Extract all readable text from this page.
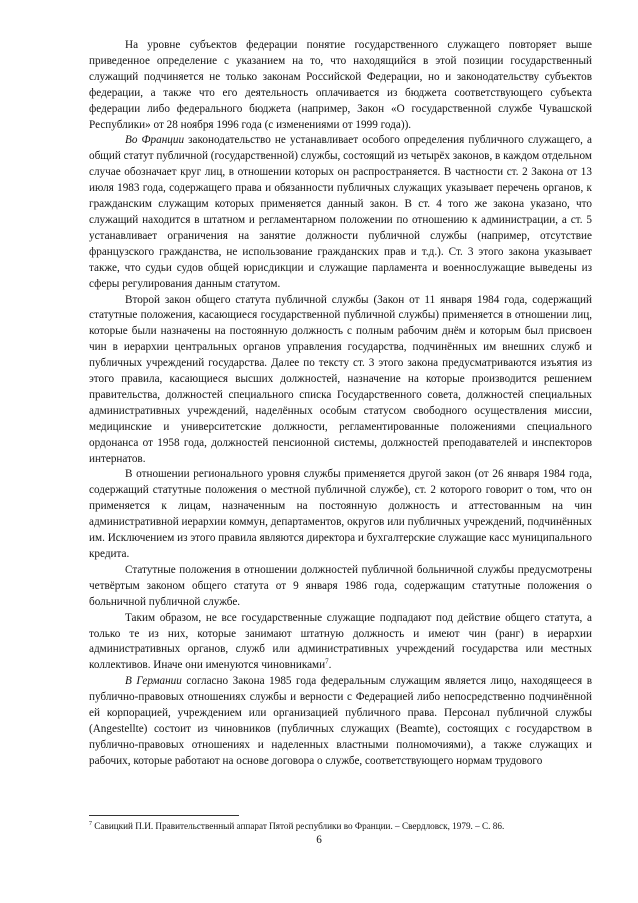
На уровне субъектов федерации понятие государственного служащего повторяет выше приведенное определение с указанием на то, что находящийся в этой позиции государственный служащий подчиняется не только законам Российской Федерации, но и законодательству субъектов федерации, а также что его деятельность оплачивается из бюджета соответствующего субъекта федерации либо федерального бюджета (например, Закон «О государственной службе Чувашской Республики» от 28 ноября 1996 года (с изменениями от 1999 года)).

Во Франции законодательство не устанавливает особого определения публичного служащего, а общий статут публичной (государственной) службы, состоящий из четырёх законов, в каждом отдельном случае обозначает круг лиц, в отношении которых он распространяется. В частности ст. 2 Закона от 13 июля 1983 года, содержащего права и обязанности публичных служащих указывает перечень органов, к гражданским служащим которых применяется данный закон. В ст. 4 того же закона указано, что служащий находится в штатном и регламентарном положении по отношению к администрации, а ст. 5 устанавливает ограничения на занятие должности публичной службы (например, отсутствие французского гражданства, не использование гражданских прав и т.д.). Ст. 3 этого закона указывает также, что судьи судов общей юрисдикции и служащие парламента и военнослужащие выведены из сферы регулирования данным статутом.

Второй закон общего статута публичной службы (Закон от 11 января 1984 года, содержащий статутные положения, касающиеся государственной публичной службы) применяется в отношении лиц, которые были назначены на постоянную должность с полным рабочим днём и которым был присвоен чин в иерархии центральных органов управления государства, подчинённых им внешних служб и публичных учреждений государства. Далее по тексту ст. 3 этого закона предусматриваются изъятия из этого правила, касающиеся высших должностей, назначение на которые производится решением правительства, должностей специального списка Государственного совета, должностей специальных административных учреждений, наделённых особым статусом свободного осуществления миссии, медицинские и университетские должности, регламентированные положениями специального ордонанса от 1958 года, должностей пенсионной системы, должностей преподавателей и инспекторов интернатов.

В отношении регионального уровня службы применяется другой закон (от 26 января 1984 года, содержащий статутные положения о местной публичной службе), ст. 2 которого говорит о том, что он применяется к лицам, назначенным на постоянную должность и аттестованным на чин административной иерархии коммун, департаментов, округов или публичных учреждений, подчинённых им. Исключением из этого правила являются директора и бухгалтерские служащие касс муниципального кредита.

Статутные положения в отношении должностей публичной больничной службы предусмотрены четвёртым законом общего статута от 9 января 1986 года, содержащим статутные положения о больничной публичной службе.

Таким образом, не все государственные служащие подпадают под действие общего статута, а только те из них, которые занимают штатную должность и имеют чин (ранг) в иерархии административных органов, служб или административных учреждений государства или местных коллективов. Иначе они именуются чиновниками$^7$.

В Германии согласно Закона 1985 года федеральным служащим является лицо, находящееся в публично-правовых отношениях службы и верности с Федерацией либо непосредственно подчинённой ей корпорацией, учреждением или организацией публичного права. Персонал публичной службы (Angestellte) состоит из чиновников (публичных служащих (Beamte), состоящих с государством в публично-правовых отношениях и наделенных властными полномочиями), а также служащих и рабочих, которые работают на основе договора о службе, соответствующего нормам трудового

$^7$ Савицкий П.И. Правительственный аппарат Пятой республики во Франции. – Свердловск, 1979. – С. 86.
6
